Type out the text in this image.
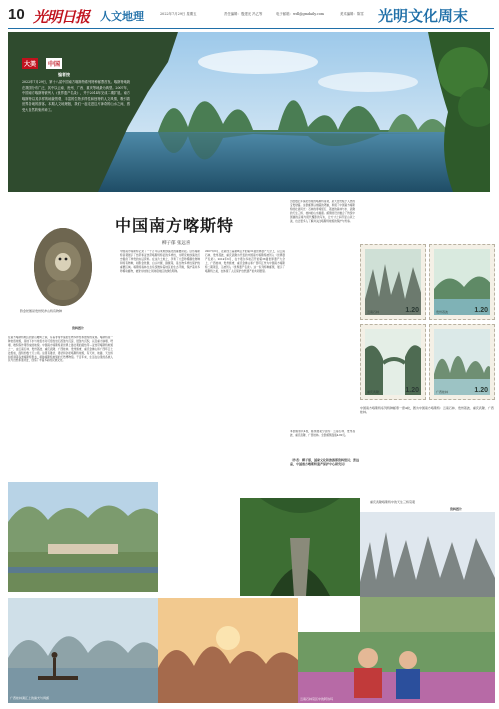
10 光明日报 人文地理	2022年7月29日 星期五	责任编辑：殷建光 冯乙等	电子邮箱：wdl@gmdaily.com	美术编辑：陈雪 光明文化周末
大美	中国
编者按
2022年7月29日，第十八届中国南方喀斯特系列特种邮票首发。喀斯特地貌在我国分布广泛，其中以云南、贵州、广西、重庆等地最为典型。2007年，中国南方喀斯特被列入《世界遗产名录》，并于2014年完成二期扩展。南方喀斯特以其多样的地貌景观、丰富的生物多样性和独特的人文风情，吸引着世界各地的游客。本期人文地理版，我们一起走进这片神奇的山水之间，感受大自然的鬼斧神工。
黔金丝猴是贵州梵净山特有物种
资料图片
中国南方喀斯特
柳子郁 张远喜
在南方喀斯特地区的崇山峻岭之间，有着非常丰富的生物多样性和独特的景观。喀斯特是一种岩溶地貌，是地下水与地表水对可溶性岩石溶蚀与沉淀、侵蚀与沉积，以及重力崩塌、坍塌、堆积等作用形成的地貌。中国南方喀斯特是世界上最壮观的湿热带—亚热带喀斯特地貌之一，由云南石林、贵州荔波、重庆武隆、广西桂林、贵州施秉、重庆金佛山和广西环江七处组成，面积约数十万公顷。这里有锥状、塔状和剑状喀斯特地貌，有天坑、地缝、天生桥和溶洞等各类喀斯特形态，堪称喀斯特地貌的天然博物馆。千百年来，生活在这里的各族人民与自然和谐共处，创造了丰富多彩的民族文化。
中国南方喀斯特记录了一千万年以来地球演化的重要阶段。这些喀斯特景观展示了热带和亚热带喀斯特特征的多样性，为研究地球演化历史提供了珍贵的实证资料。在这片土地上，孕育了大量珍稀濒危物种和特有物种，如黔金丝猴、白头叶猴、猕猴等，是生物多样性保护的重要区域。喀斯特森林生态系统维持着地区的生态平衡，保护着许多珍稀动植物，被誉为地球上同纬度地区的绿色明珠。
2007年6月，在新西兰基督城召开的第31届世界遗产大会上，以云南石林、贵州荔波、重庆武隆为代表的中国南方喀斯特被列入《世界遗产名录》。2014年6月，在卡塔尔多哈召开的第38届世界遗产大会上，广西桂林、贵州施秉、重庆金佛山和广西环江作为中国南方喀斯特二期项目，又被列入《世界遗产名录》。这一系列特种邮票，展示了喀斯特之美，也体现了人们保护自然遗产的共同愿望。
历经数亿年演化形成的喀斯特景观，是大自然赋予人类的宝贵财富。这套邮票以细腻的笔触，再现了中国南方喀斯特的壮美风光：石林的奇峰怪石、荔波的森林与水、武隆的天生三桥、桂林的山水画廊。邮票的设计融合了传统中国画的意境与现代摄影的写实，让方寸之间尽显山河之美，也让更多人了解并关注喀斯特地貌的保护与传承。
本套邮票共4枚，邮票图案分别为：云南石林、贵州荔波、重庆武隆、广西桂林。全套邮票面值4.80元。
云南石林	1.20	贵州荔波	1.20
重庆武隆	1.20	广西桂林	1.20
中国南方喀斯特系列特种邮票一套4枚，图为中国南方喀斯特：云南石林、贵州荔波、重庆武隆、广西桂林。
（作者：柳子郁，国家文化和旅游部资料馆员；张远喜，中国南方喀斯特遗产保护中心研究员）
重庆武隆喀斯特中的天生三桥景观
资料图片
广西桂林漓江上的渔夫与鸬鹚	云南石林景区中的阿诗玛
